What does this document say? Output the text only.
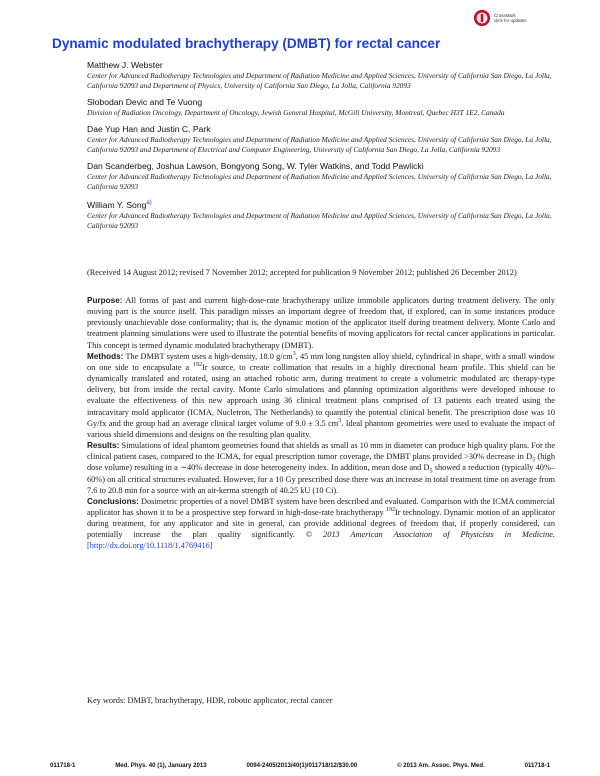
CrossMark
click for updates
Dynamic modulated brachytherapy (DMBT) for rectal cancer
Matthew J. Webster
Center for Advanced Radiotherapy Technologies and Department of Radiation Medicine and Applied Sciences, University of California San Diego, La Jolla, California 92093 and Department of Physics, University of California San Diego, La Jolla, California 92093
Slobodan Devic and Te Vuong
Division of Radiation Oncology, Department of Oncology, Jewish General Hospital, McGill University, Montreal, Quebec H3T 1E2, Canada
Dae Yup Han and Justin C. Park
Center for Advanced Radiotherapy Technologies and Department of Radiation Medicine and Applied Sciences, University of California San Diego, La Jolla, California 92093 and Department of Electrical and Computer Engineering, University of California San Diego, La Jolla, California 92093
Dan Scanderbeg, Joshua Lawson, Bongyong Song, W. Tyler Watkins, and Todd Pawlicki
Center for Advanced Radiotherapy Technologies and Department of Radiation Medicine and Applied Sciences, University of California San Diego, La Jolla, California 92093
William Y. Song$^{a)}$
Center for Advanced Radiotherapy Technologies and Department of Radiation Medicine and Applied Sciences, University of California San Diego, La Jolla, California 92093

(Received 14 August 2012; revised 7 November 2012; accepted for publication 9 November 2012; published 26 December 2012)

Purpose: All forms of past and current high-dose-rate brachytherapy utilize immobile applicators during treatment delivery. The only moving part is the source itself. This paradigm misses an important degree of freedom that, if explored, can in some instances produce previously unachievable dose conformality; that is, the dynamic motion of the applicator itself during treatment delivery. Monte Carlo and treatment planning simulations were used to illustrate the potential benefits of moving applicators for rectal cancer applications in particular. This concept is termed dynamic modulated brachytherapy (DMBT).

Methods: The DMBT system uses a high-density, 18.0 $g/cm^3$, 45 mm long tungsten alloy shield, cylindrical in shape, with a small window on one side to encapsulate a $^{192}$Ir source, to create collimation that results in a highly directional beam profile. This shield can be dynamically translated and rotated, using an attached robotic arm, during treatment to create a volumetric modulated arc therapy-type delivery, but from inside the rectal cavity. Monte Carlo simulations and planning optimization algorithms were developed inhouse to evaluate the effectiveness of this new approach using 36 clinical treatment plans comprised of 13 patients each treated using the intracavitary mold applicator (ICMA, Nucletron, The Netherlands) to quantify the potential clinical benefit. The prescription dose was 10 Gy/fx and the group had an average clinical target volume of 9.0 ± 3.5 $cm^3$. Ideal phantom geometries were used to evaluate the impact of various shield dimensions and designs on the resulting plan quality.

Results: Simulations of ideal phantom geometries found that shields as small as 10 mm in diameter can produce high quality plans. For the clinical patient cases, compared to the ICMA, for equal prescription tumor coverage, the DMBT plans provided >30% decrease in $D_5$ (high dose volume) resulting in a ∼40% decrease in dose heterogeneity index. In addition, mean dose and $D_5$ showed a reduction (typically 40%–60%) on all critical structures evaluated. However, for a 10 Gy prescribed dose there was an increase in total treatment time on average from 7.6 to 20.8 min for a source with an air-kerma strength of 40.25 kU (10 Ci).

Conclusions: Dosimetric properties of a novel DMBT system have been described and evaluated. Comparison with the ICMA commercial applicator has shown it to be a prospective step forward in high-dose-rate brachytherapy $^{192}$Ir technology. Dynamic motion of an applicator during treatment, for any applicator and site in general, can provide additional degrees of freedom that, if properly considered, can potentially increase the plan quality significantly. © 2013 American Association of Physicists in Medicine. [http://dx.doi.org/10.1118/1.4769416]

Key words: DMBT, brachytherapy, HDR, robotic applicator, rectal cancer

011718-1	Med. Phys. 40 (1), January 2013	0094-2405/2013/40(1)/011718/12/$30.00	© 2013 Am. Assoc. Phys. Med.	011718-1
